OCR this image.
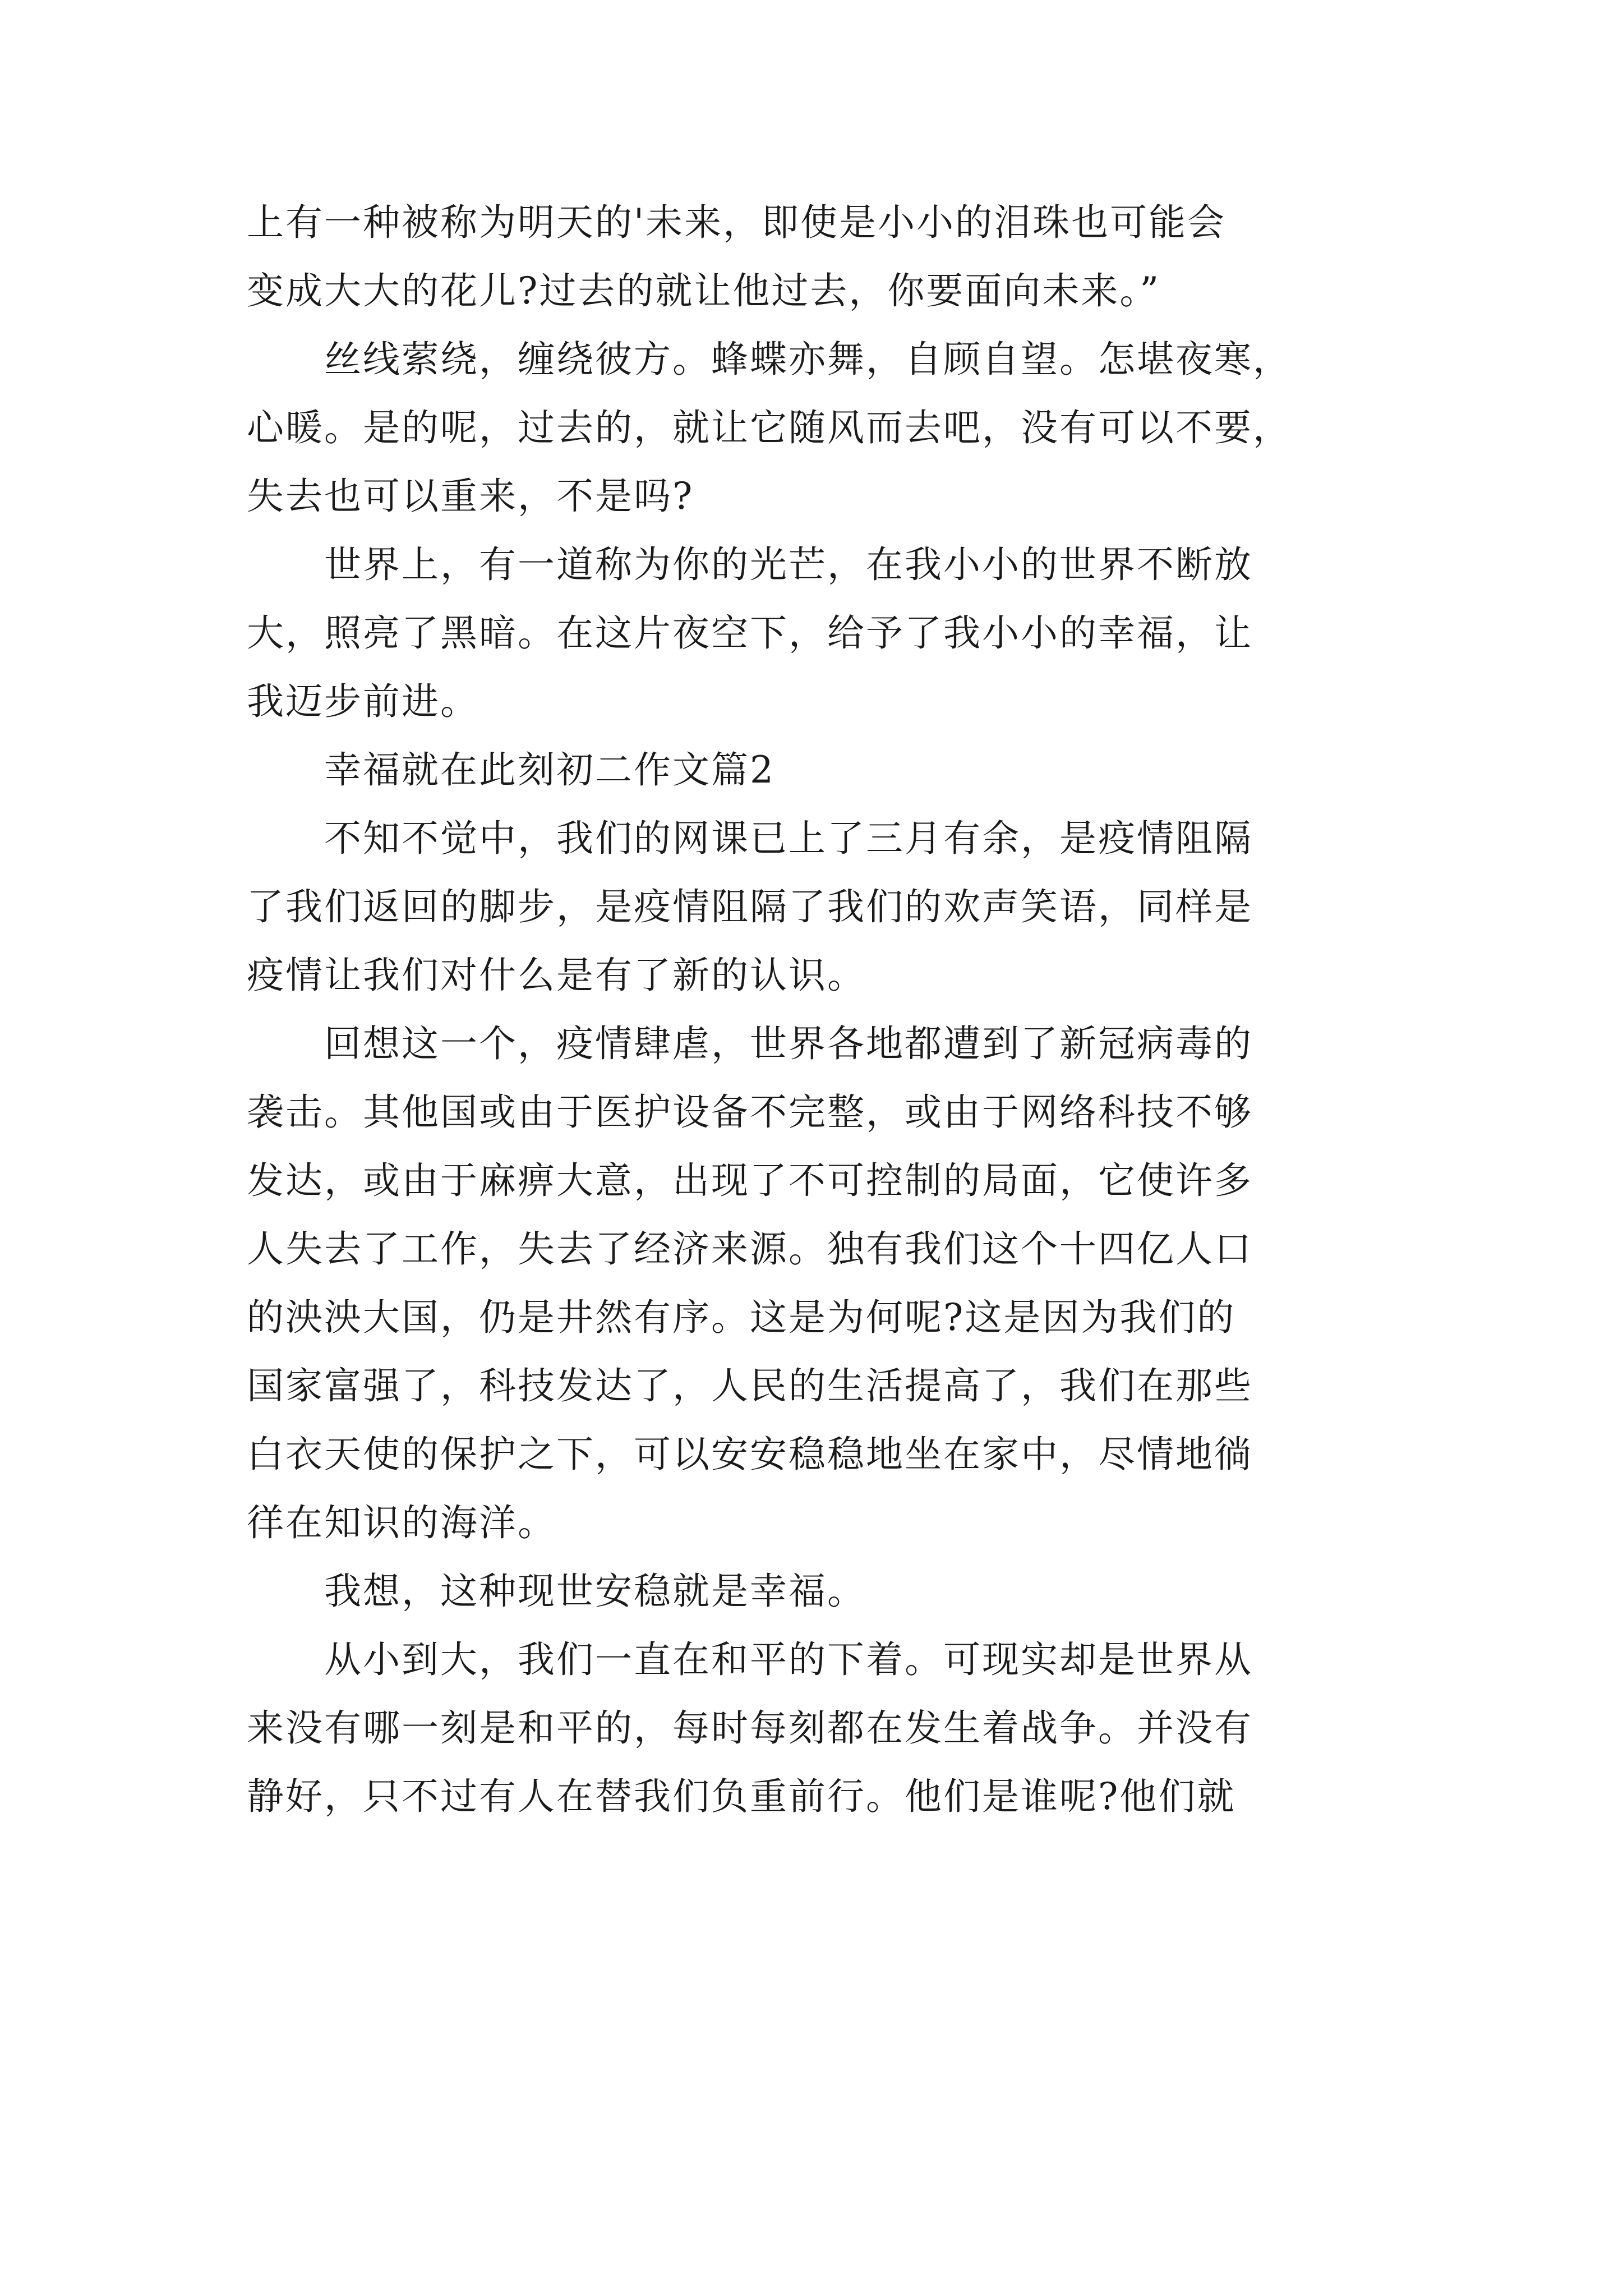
上有一种被称为明天的'未来，即使是小小的泪珠也可能会
变成大大的花儿?过去的就让他过去，你要面向未来。”
丝线萦绕，缠绕彼方。蜂蝶亦舞，自顾自望。怎堪夜寒，
心暖。是的呢，过去的，就让它随风而去吧，没有可以不要，
失去也可以重来，不是吗?
世界上，有一道称为你的光芒，在我小小的世界不断放
大，照亮了黑暗。在这片夜空下，给予了我小小的幸福，让
我迈步前进。
幸福就在此刻初二作文篇2
不知不觉中，我们的网课已上了三月有余，是疫情阻隔
了我们返回的脚步，是疫情阻隔了我们的欢声笑语，同样是
疫情让我们对什么是有了新的认识。
回想这一个，疫情肆虐，世界各地都遭到了新冠病毒的
袭击。其他国或由于医护设备不完整，或由于网络科技不够
发达，或由于麻痹大意，出现了不可控制的局面，它使许多
人失去了工作，失去了经济来源。独有我们这个十四亿人口
的泱泱大国，仍是井然有序。这是为何呢?这是因为我们的
国家富强了，科技发达了，人民的生活提高了，我们在那些
白衣天使的保护之下，可以安安稳稳地坐在家中，尽情地徜
徉在知识的海洋。
我想，这种现世安稳就是幸福。
从小到大，我们一直在和平的下着。可现实却是世界从
来没有哪一刻是和平的，每时每刻都在发生着战争。并没有
静好，只不过有人在替我们负重前行。他们是谁呢?他们就
